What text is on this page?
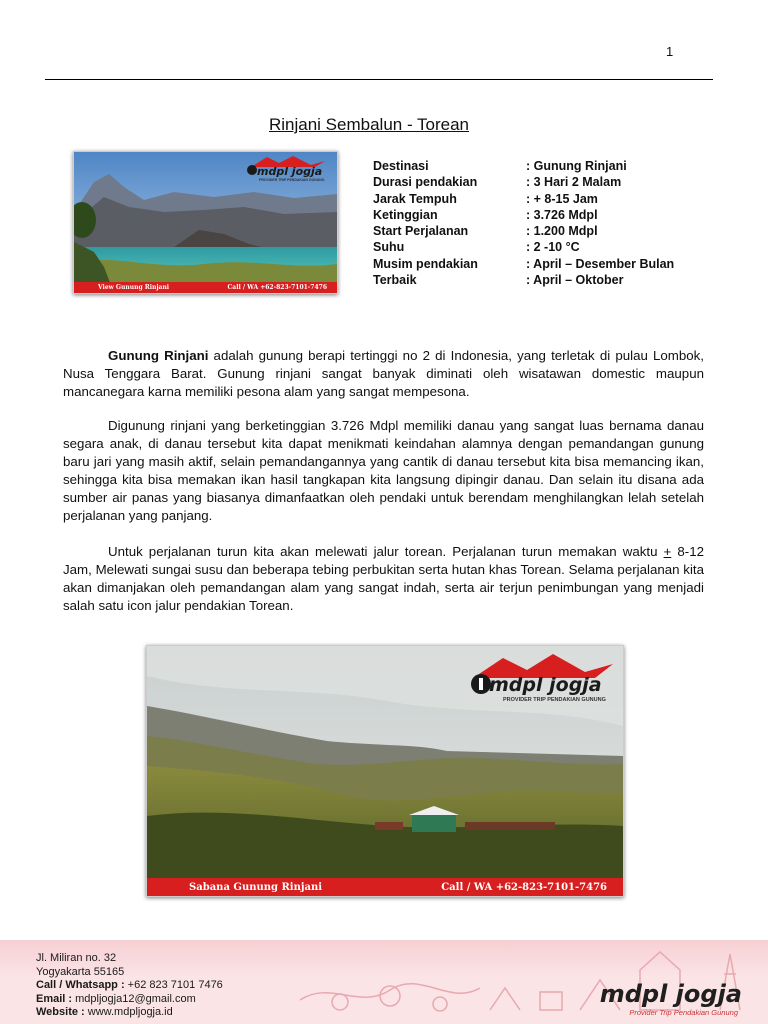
1
Rinjani Sembalun - Torean
mdpl jogja
PROVIDER TRIP PENDAKIAN GUNUNG
View Gunung Rinjani	Call / WA +62-823-7101-7476
Destinasi	: Gunung Rinjani
Durasi pendakian	: 3 Hari 2 Malam
Jarak Tempuh	: + 8-15 Jam
Ketinggian	: 3.726 Mdpl
Start Perjalanan	: 1.200 Mdpl
Suhu	: 2 -10 °C
Musim pendakian	: April – Desember Bulan
Terbaik	: April – Oktober

Gunung Rinjani adalah gunung berapi tertinggi no 2 di Indonesia, yang terletak di pulau Lombok, Nusa Tenggara Barat. Gunung rinjani sangat banyak diminati oleh wisatawan domestic maupun mancanegara karna memiliki pesona alam yang sangat mempesona.

Digunung rinjani yang berketinggian 3.726 Mdpl memiliki danau yang sangat luas bernama danau segara anak, di danau tersebut kita dapat menikmati keindahan alamnya dengan pemandangan gunung baru jari yang masih aktif, selain pemandangannya yang cantik di danau tersebut kita bisa memancing ikan, sehingga kita bisa memakan ikan hasil tangkapan kita langsung dipingir danau. Dan selain itu disana ada sumber air panas yang biasanya dimanfaatkan oleh pendaki untuk berendam menghilangkan lelah setelah perjalanan yang panjang.

Untuk perjalanan turun kita akan melewati jalur torean. Perjalanan turun memakan waktu + 8-12 Jam, Melewati sungai susu dan beberapa tebing perbukitan serta hutan khas Torean. Selama perjalanan kita akan dimanjakan oleh pemandangan alam yang sangat indah, serta air terjun penimbungan yang menjadi salah satu icon jalur pendakian Torean.

mdpl jogja
PROVIDER TRIP PENDAKIAN GUNUNG
Sabana Gunung Rinjani	Call / WA +62-823-7101-7476
Jl. Miliran no. 32
Yogyakarta 55165
Call / Whatsapp : +62 823 7101 7476
Email : mdpljogja12@gmail.com
Website : www.mdpljogja.id
mdpl jogja
Provider Trip Pendakian Gunung
